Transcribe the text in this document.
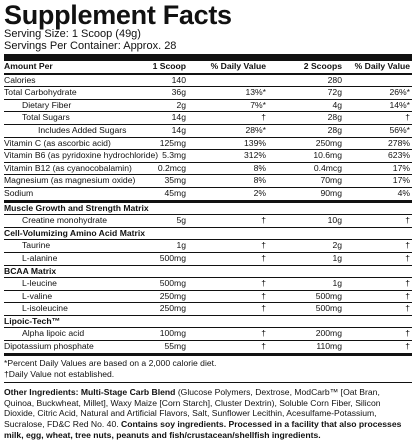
Supplement Facts
Serving Size: 1 Scoop (49g)
Servings Per Container: Approx. 28
Amount Per	1 Scoop	% Daily Value	2 Scoops % Daily Value
Calories	140	280
Total Carbohydrate	36g	13%*	72g	26%*
Dietary Fiber	2g	7%*	4g	14%*
Total Sugars	14g	†	28g	†
Includes Added Sugars	14g	28%*	28g	56%*
Vitamin C (as ascorbic acid)	125mg	139%	250mg	278%
Vitamin B6 (as pyridoxine hydrochloride) 5.3mg	312%	10.6mg	623%
Vitamin B12 (as cyanocobalamin)	0.2mcg	8%	0.4mcg	17%
Magnesium (as magnesium oxide)	35mg	8%	70mg	17%
Sodium	45mg	2%	90mg	4%
Muscle Growth and Strength Matrix
Creatine monohydrate	5g	†	10g	†
Cell-Volumizing Amino Acid Matrix
Taurine	1g	†	2g	†
L-alanine	500mg	†	1g	†
BCAA Matrix
L-leucine	500mg	†	1g	†
L-valine	250mg	†	500mg	†
L-isoleucine	250mg	†	500mg	†
Lipoic-Tech™
Alpha lipoic acid	100mg	†	200mg	†
Dipotassium phosphate	55mg	†	110mg	†
*Percent Daily Values are based on a 2,000 calorie diet.
†Daily Value not established.
Other Ingredients: Multi-Stage Carb Blend (Glucose Polymers, Dextrose, ModCarb™ [Oat Bran, Quinoa, Buckwheat, Millet], Waxy Maize [Corn Starch], Cluster Dextrin), Soluble Corn Fiber, Silicon Dioxide, Citric Acid, Natural and Artificial Flavors, Salt, Sunflower Lecithin, Acesulfame-Potassium, Sucralose, FD&C Red No. 40. Contains soy ingredients. Processed in a facility that also processes milk, egg, wheat, tree nuts, peanuts and fish/crustacean/shellfish ingredients.
